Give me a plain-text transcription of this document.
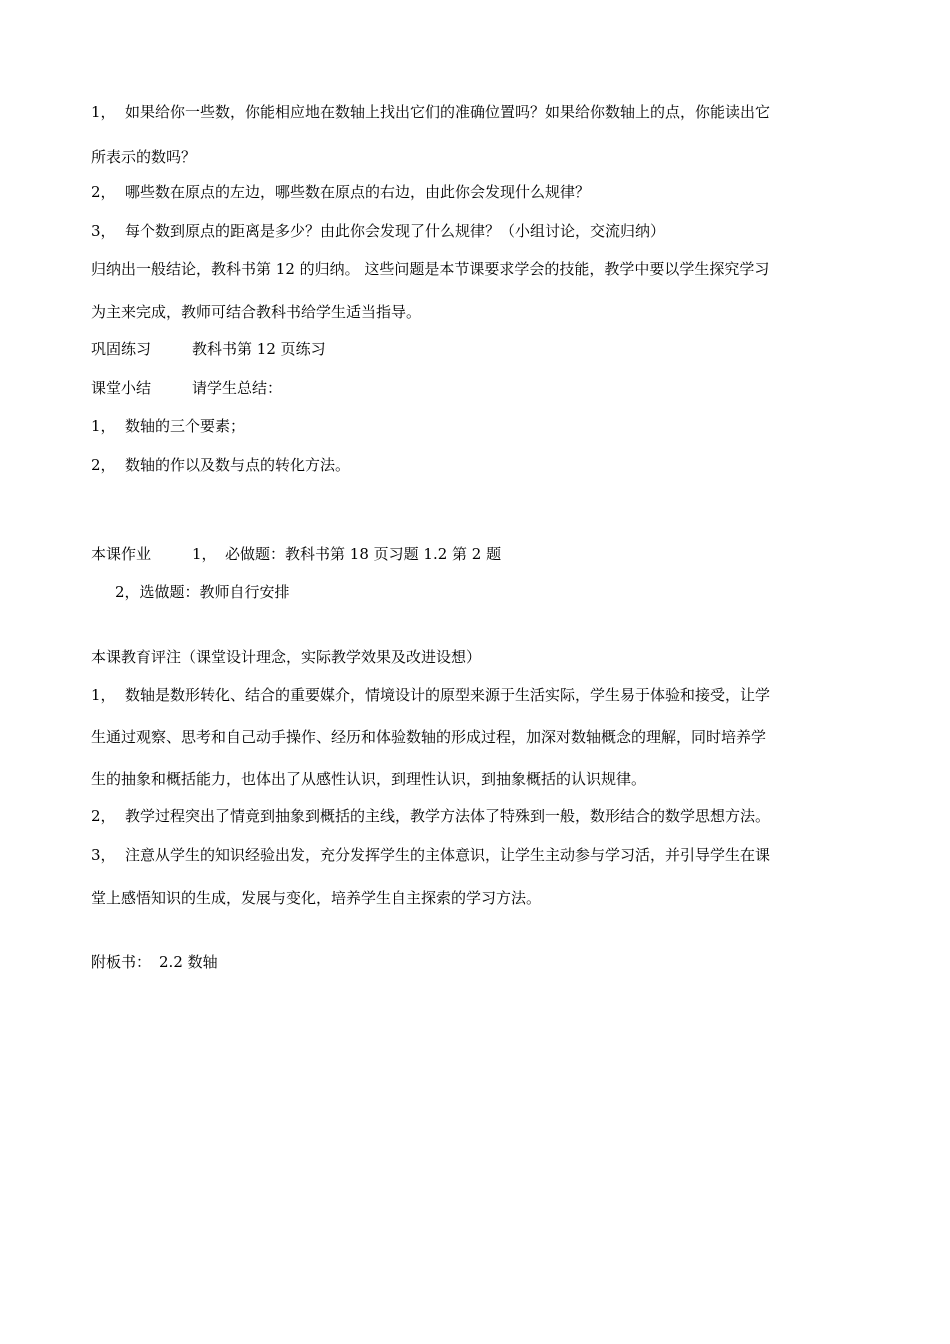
1， 如果给你一些数，你能相应地在数轴上找出它们的准确位置吗？如果给你数轴上的点，你能读出它
所表示的数吗？
2， 哪些数在原点的左边，哪些数在原点的右边，由此你会发现什么规律？
3， 每个数到原点的距离是多少？由此你会发现了什么规律？（小组讨论，交流归纳）
归纳出一般结论，教科书第 12 的归纳。 这些问题是本节课要求学会的技能，教学中要以学生探究学习
为主来完成，教师可结合教科书给学生适当指导。
巩固练习	教科书第 12 页练习
课堂小结	请学生总结：
1， 数轴的三个要素；
2， 数轴的作以及数与点的转化方法。
本课作业	1， 必做题：教科书第 18 页习题 1.2 第 2 题
2，选做题：教师自行安排
本课教育评注（课堂设计理念，实际教学效果及改进设想）
1， 数轴是数形转化、结合的重要媒介，情境设计的原型来源于生活实际，学生易于体验和接受，让学
生通过观察、思考和自己动手操作、经历和体验数轴的形成过程，加深对数轴概念的理解，同时培养学
生的抽象和概括能力，也体出了从感性认识，到理性认识，到抽象概括的认识规律。
2， 教学过程突出了情竟到抽象到概括的主线，教学方法体了特殊到一般，数形结合的数学思想方法。
3， 注意从学生的知识经验出发，充分发挥学生的主体意识，让学生主动参与学习活，并引导学生在课
堂上感悟知识的生成，发展与变化，培养学生自主探索的学习方法。
附板书： 2.2 数轴
